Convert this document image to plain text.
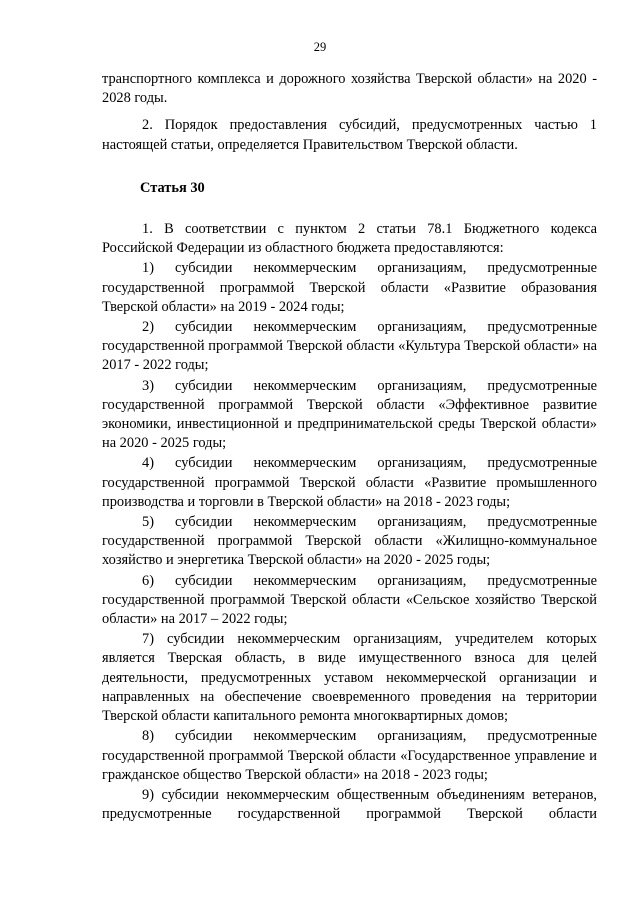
29

транспортного комплекса и дорожного хозяйства Тверской области» на 2020 - 2028 годы.

2. Порядок предоставления субсидий, предусмотренных частью 1 настоящей статьи, определяется Правительством Тверской области.

Статья 30

1. В соответствии с пунктом 2 статьи 78.1 Бюджетного кодекса Российской Федерации из областного бюджета предоставляются:

1) субсидии некоммерческим организациям, предусмотренные государственной программой Тверской области «Развитие образования Тверской области» на 2019 - 2024 годы;

2) субсидии некоммерческим организациям, предусмотренные государственной программой Тверской области «Культура Тверской области» на 2017 - 2022 годы;

3) субсидии некоммерческим организациям, предусмотренные государственной программой Тверской области «Эффективное развитие экономики, инвестиционной и предпринимательской среды Тверской области» на 2020 - 2025 годы;

4) субсидии некоммерческим организациям, предусмотренные государственной программой Тверской области «Развитие промышленного производства и торговли в Тверской области» на 2018 - 2023 годы;

5) субсидии некоммерческим организациям, предусмотренные государственной программой Тверской области «Жилищно-коммунальное хозяйство и энергетика Тверской области» на 2020 - 2025 годы;

6) субсидии некоммерческим организациям, предусмотренные государственной программой Тверской области «Сельское хозяйство Тверской области» на 2017 – 2022 годы;

7) субсидии некоммерческим организациям, учредителем которых является Тверская область, в виде имущественного взноса для целей деятельности, предусмотренных уставом некоммерческой организации и направленных на обеспечение своевременного проведения на территории Тверской области капитального ремонта многоквартирных домов;

8) субсидии некоммерческим организациям, предусмотренные государственной программой Тверской области «Государственное управление и гражданское общество Тверской области» на 2018 - 2023 годы;

9) субсидии некоммерческим общественным объединениям ветеранов, предусмотренные государственной программой Тверской области
